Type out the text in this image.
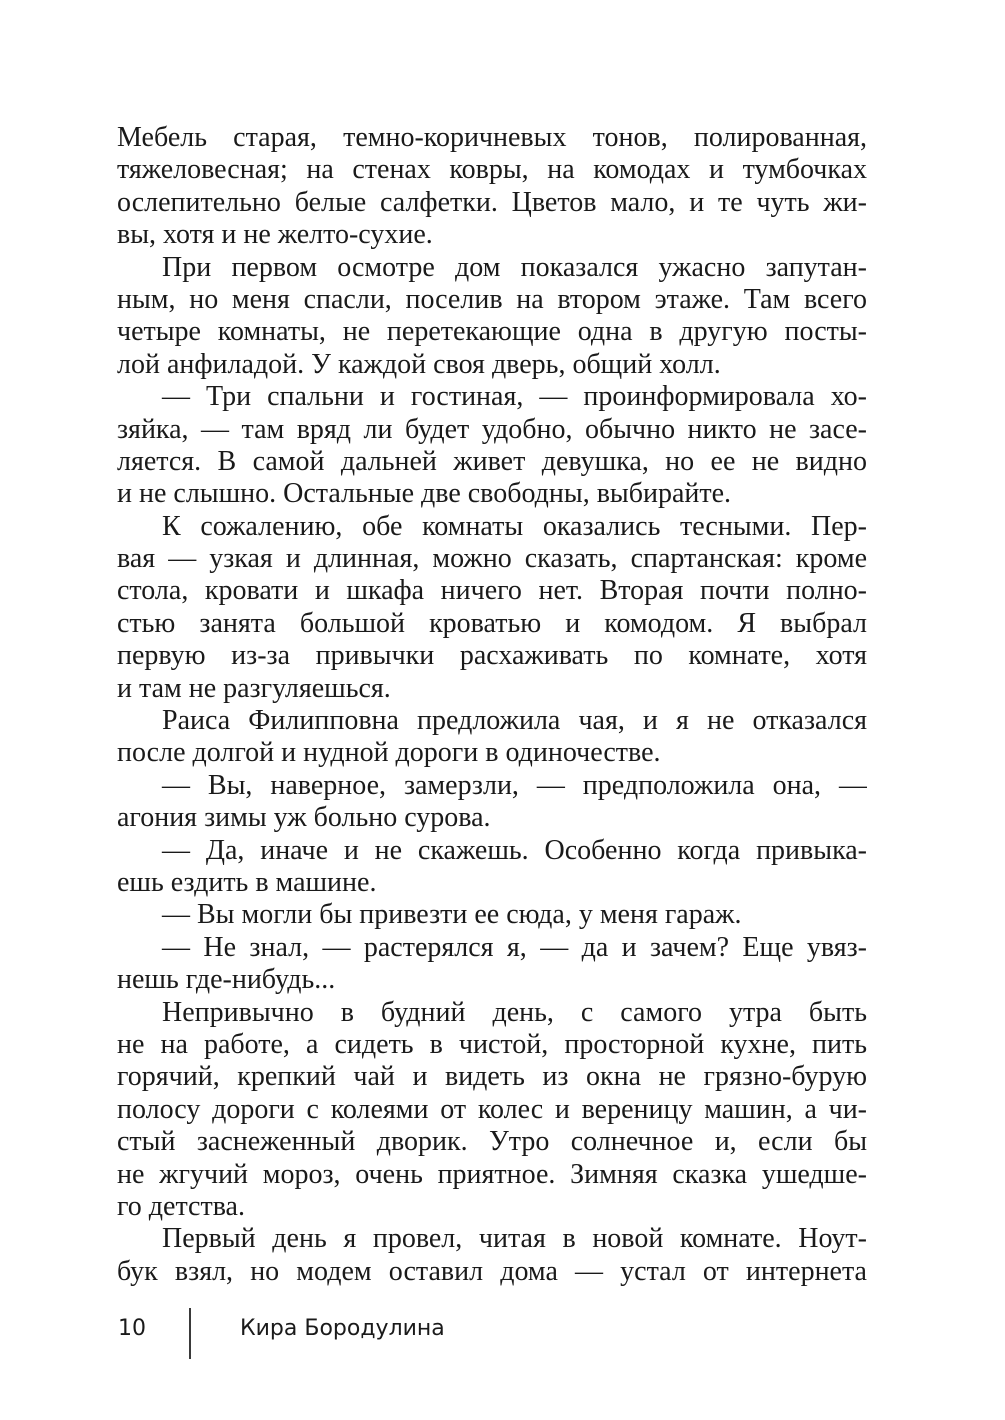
Мебель старая, темно-коричневых тонов, полированная,
тяжеловесная; на стенах ковры, на комодах и тумбочках
ослепительно белые салфетки. Цветов мало, и те чуть жи-
вы, хотя и не желто-сухие.
При первом осмотре дом показался ужасно запутан-
ным, но меня спасли, поселив на втором этаже. Там всего
четыре комнаты, не перетекающие одна в другую посты-
лой анфиладой. У каждой своя дверь, общий холл.
— Три спальни и гостиная, — проинформировала хо-
зяйка, — там вряд ли будет удобно, обычно никто не засе-
ляется. В самой дальней живет девушка, но ее не видно
и не слышно. Остальные две свободны, выбирайте.
К сожалению, обе комнаты оказались тесными. Пер-
вая — узкая и длинная, можно сказать, спартанская: кроме
стола, кровати и шкафа ничего нет. Вторая почти полно-
стью занята большой кроватью и комодом. Я выбрал
первую из-за привычки расхаживать по комнате, хотя
и там не разгуляешься.
Раиса Филипповна предложила чая, и я не отказался
после долгой и нудной дороги в одиночестве.
— Вы, наверное, замерзли, — предположила она, —
агония зимы уж больно сурова.
— Да, иначе и не скажешь. Особенно когда привыка-
ешь ездить в машине.
— Вы могли бы привезти ее сюда, у меня гараж.
— Не знал, — растерялся я, — да и зачем? Еще увяз-
нешь где-нибудь...
Непривычно в будний день, с самого утра быть
не на работе, а сидеть в чистой, просторной кухне, пить
горячий, крепкий чай и видеть из окна не грязно-бурую
полосу дороги с колеями от колес и вереницу машин, а чи-
стый заснеженный дворик. Утро солнечное и, если бы
не жгучий мороз, очень приятное. Зимняя сказка ушедше-
го детства.
Первый день я провел, читая в новой комнате. Ноут-
бук взял, но модем оставил дома — устал от интернета
10	Кира Бородулина
